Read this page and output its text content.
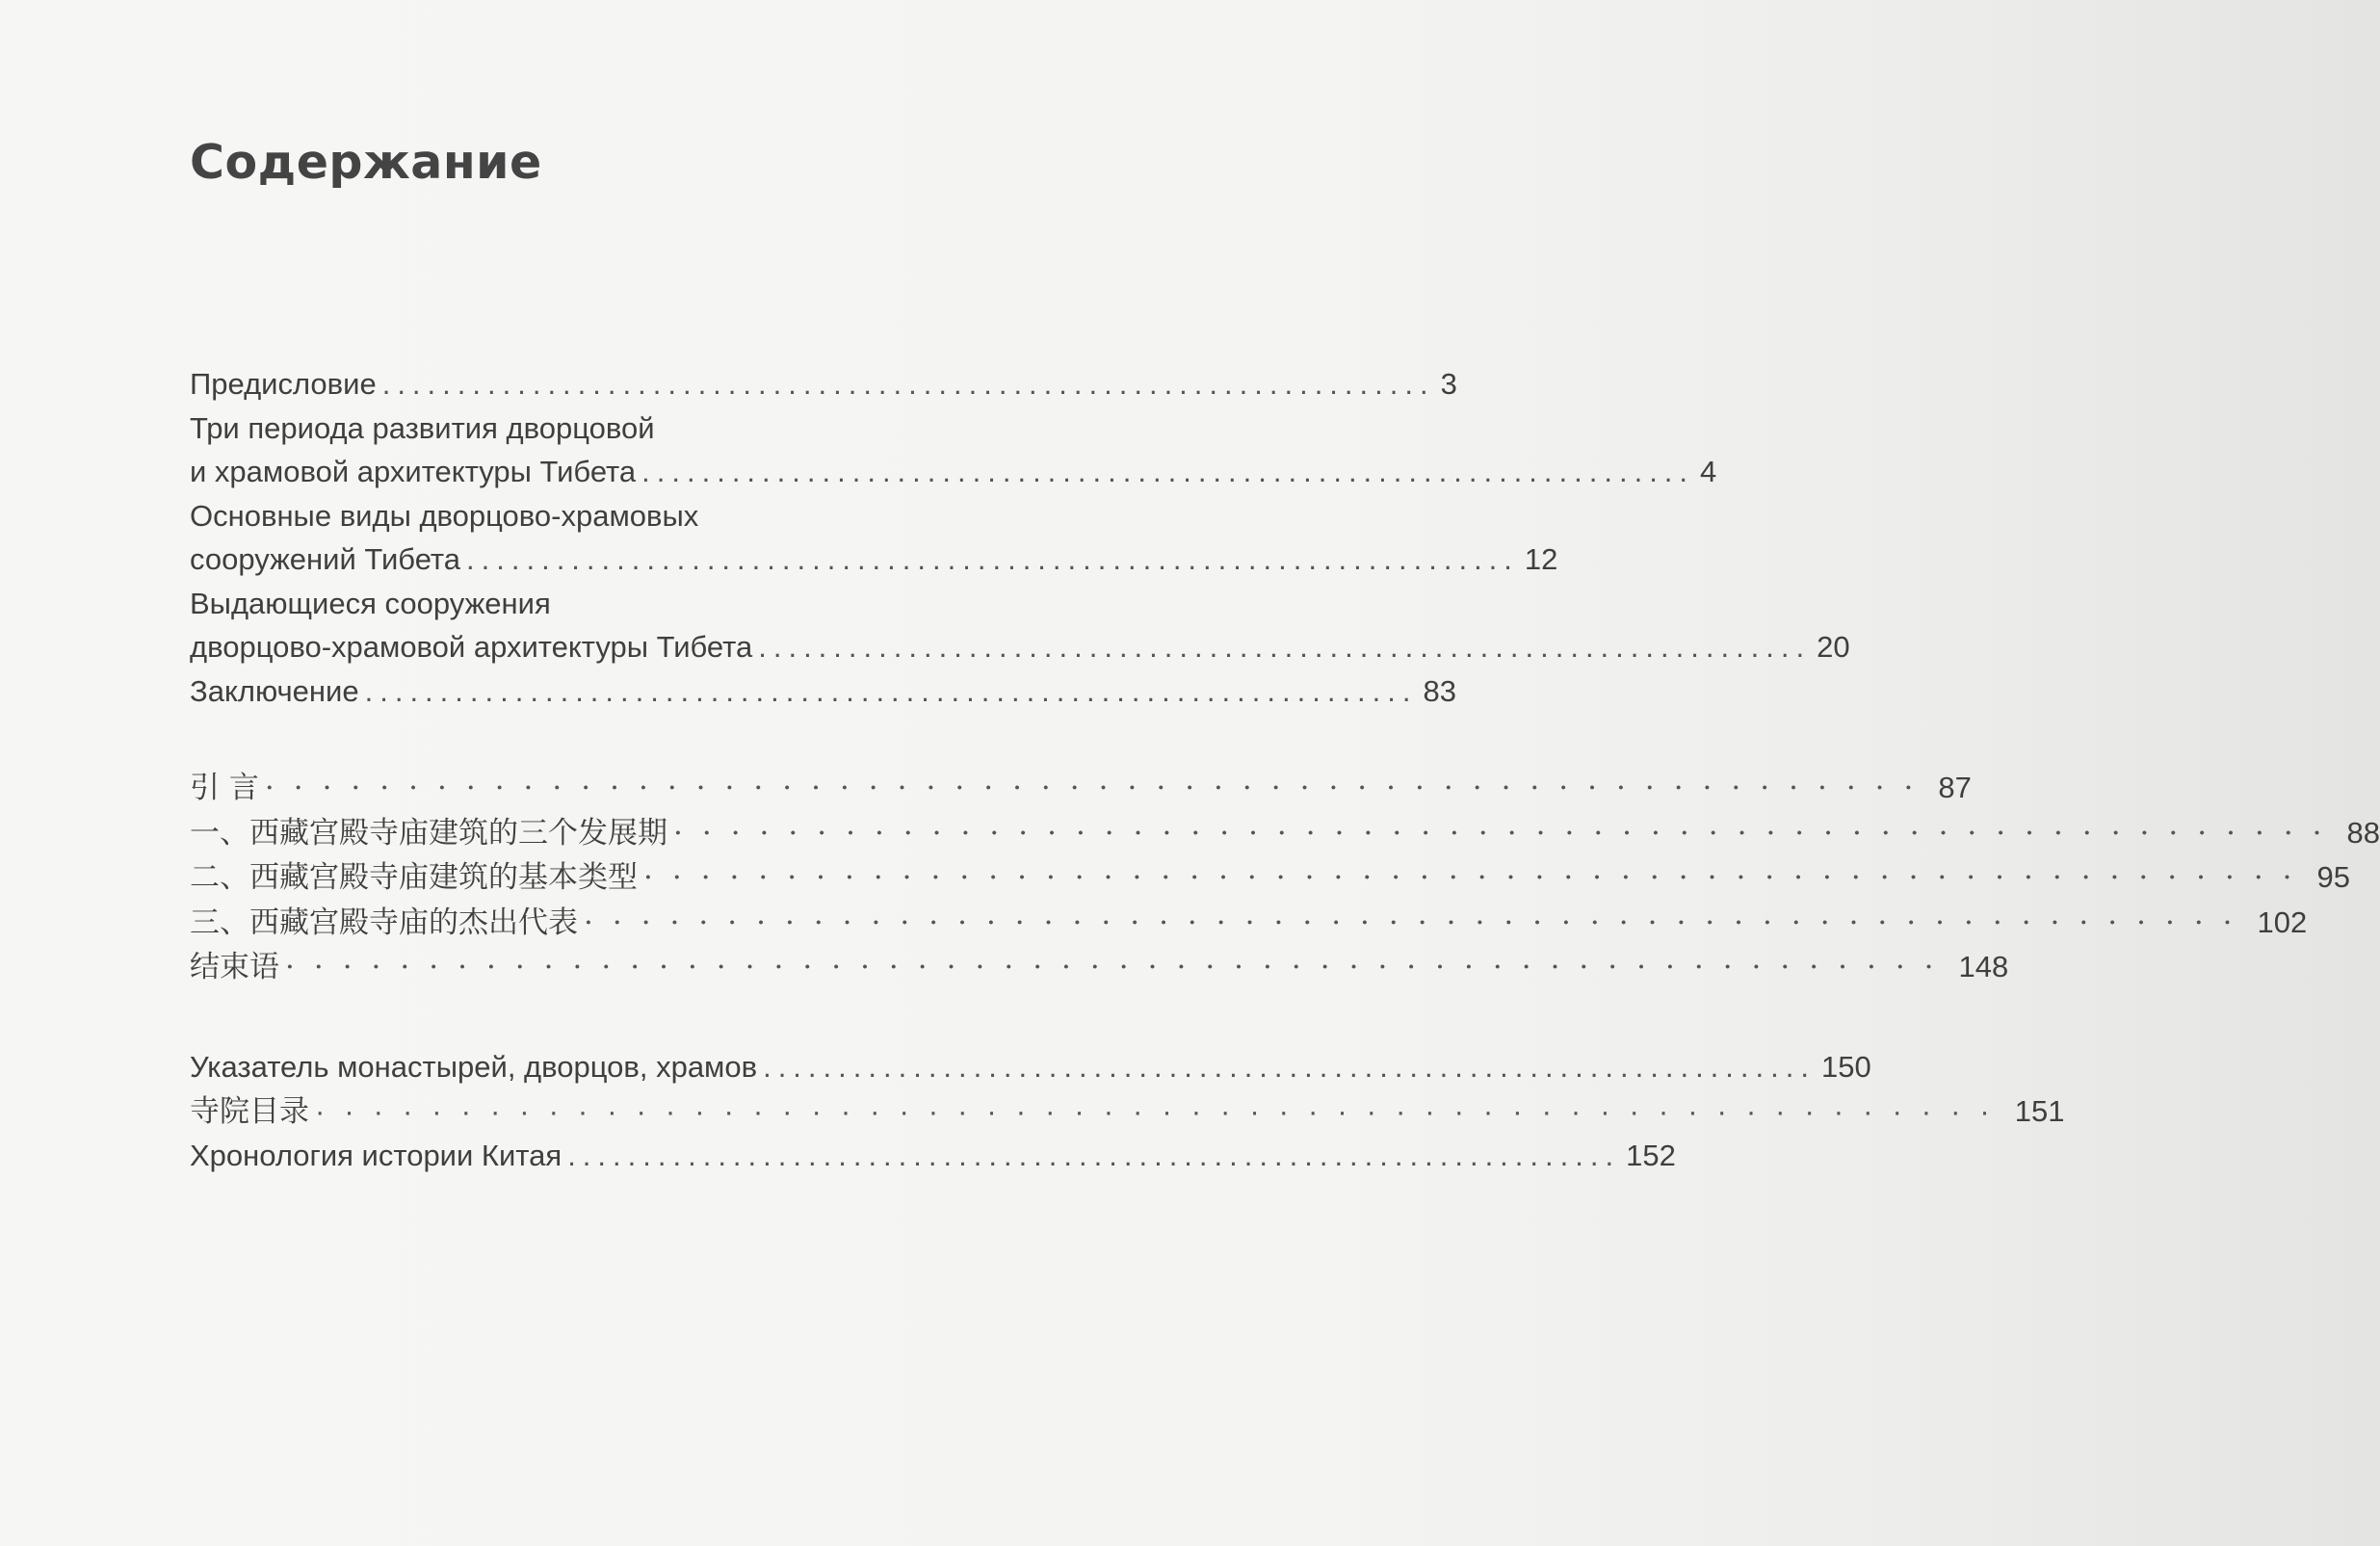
Содержание
Предисловие ...................................................................... 3
Три периода развития дворцовой
и храмовой архитектуры Тибета ...................................................................... 4
Основные виды дворцово-храмовых
сооружений Тибета ...................................................................... 12
Выдающиеся сооружения
дворцово-храмовой архитектуры Тибета ...................................................................... 20
Заключение ...................................................................... 83
引 言 ·························································· 87
一、西藏宫殿寺庙建筑的三个发展期 ·························································· 88
二、西藏宫殿寺庙建筑的基本类型 ·························································· 95
三、西藏宫殿寺庙的杰出代表 ·························································· 102
结束语 ·························································· 148
Указатель монастырей, дворцов, храмов ...................................................................... 150
寺院目录 ·························································· 151
Хронология истории Китая ...................................................................... 152
